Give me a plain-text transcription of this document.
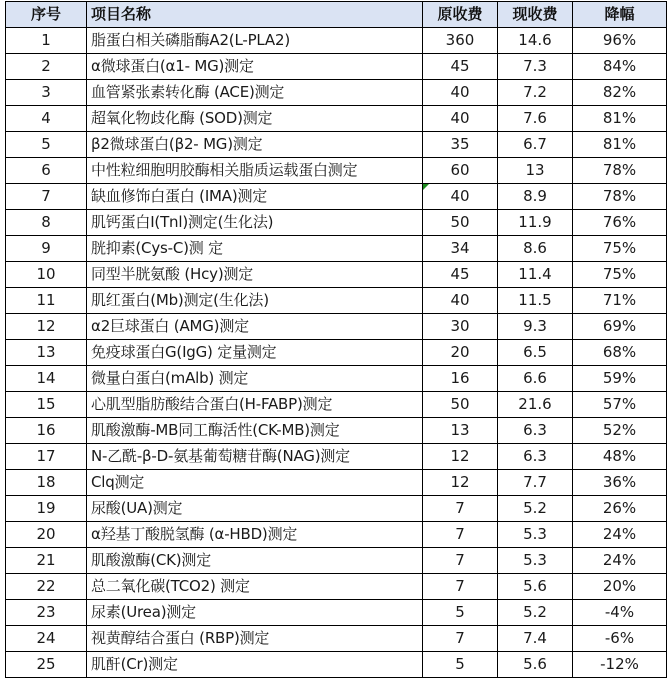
序号	项目名称	原收费	现收费	降幅
1	脂蛋白相关磷脂酶A2(L-PLA2)	360	14.6	96%
2	α微球蛋白(α1- MG)测定	45	7.3	84%
3	血管紧张素转化酶 (ACE)测定	40	7.2	82%
4	超氧化物歧化酶 (SOD)测定	40	7.6	81%
5	β2微球蛋白(β2- MG)测定	35	6.7	81%
6	中性粒细胞明胶酶相关脂质运载蛋白测定	60	13	78%
7	缺血修饰白蛋白 (IMA)测定	40	8.9	78%
8	肌钙蛋白I(Tnl)测定(生化法)	50	11.9	76%
9	胱抑素(Cys-C)测 定	34	8.6	75%
10	同型半胱氨酸 (Hcy)测定	45	11.4	75%
11	肌红蛋白(Mb)测定(生化法)	40	11.5	71%
12	α2巨球蛋白 (AMG)测定	30	9.3	69%
13	免疫球蛋白G(IgG) 定量测定	20	6.5	68%
14	微量白蛋白(mAlb) 测定	16	6.6	59%
15	心肌型脂肪酸结合蛋白(H-FABP)测定	50	21.6	57%
16	肌酸激酶-MB同工酶活性(CK-MB)测定	13	6.3	52%
17	N-乙酰-β-D-氨基葡萄糖苷酶(NAG)测定	12	6.3	48%
18	Clq测定	12	7.7	36%
19	尿酸(UA)测定	7	5.2	26%
20	α羟基丁酸脱氢酶 (α-HBD)测定	7	5.3	24%
21	肌酸激酶(CK)测定	7	5.3	24%
22	总二氧化碳(TCO2) 测定	7	5.6	20%
23	尿素(Urea)测定	5	5.2	-4%
24	视黄醇结合蛋白 (RBP)测定	7	7.4	-6%
25	肌酐(Cr)测定	5	5.6	-12%
